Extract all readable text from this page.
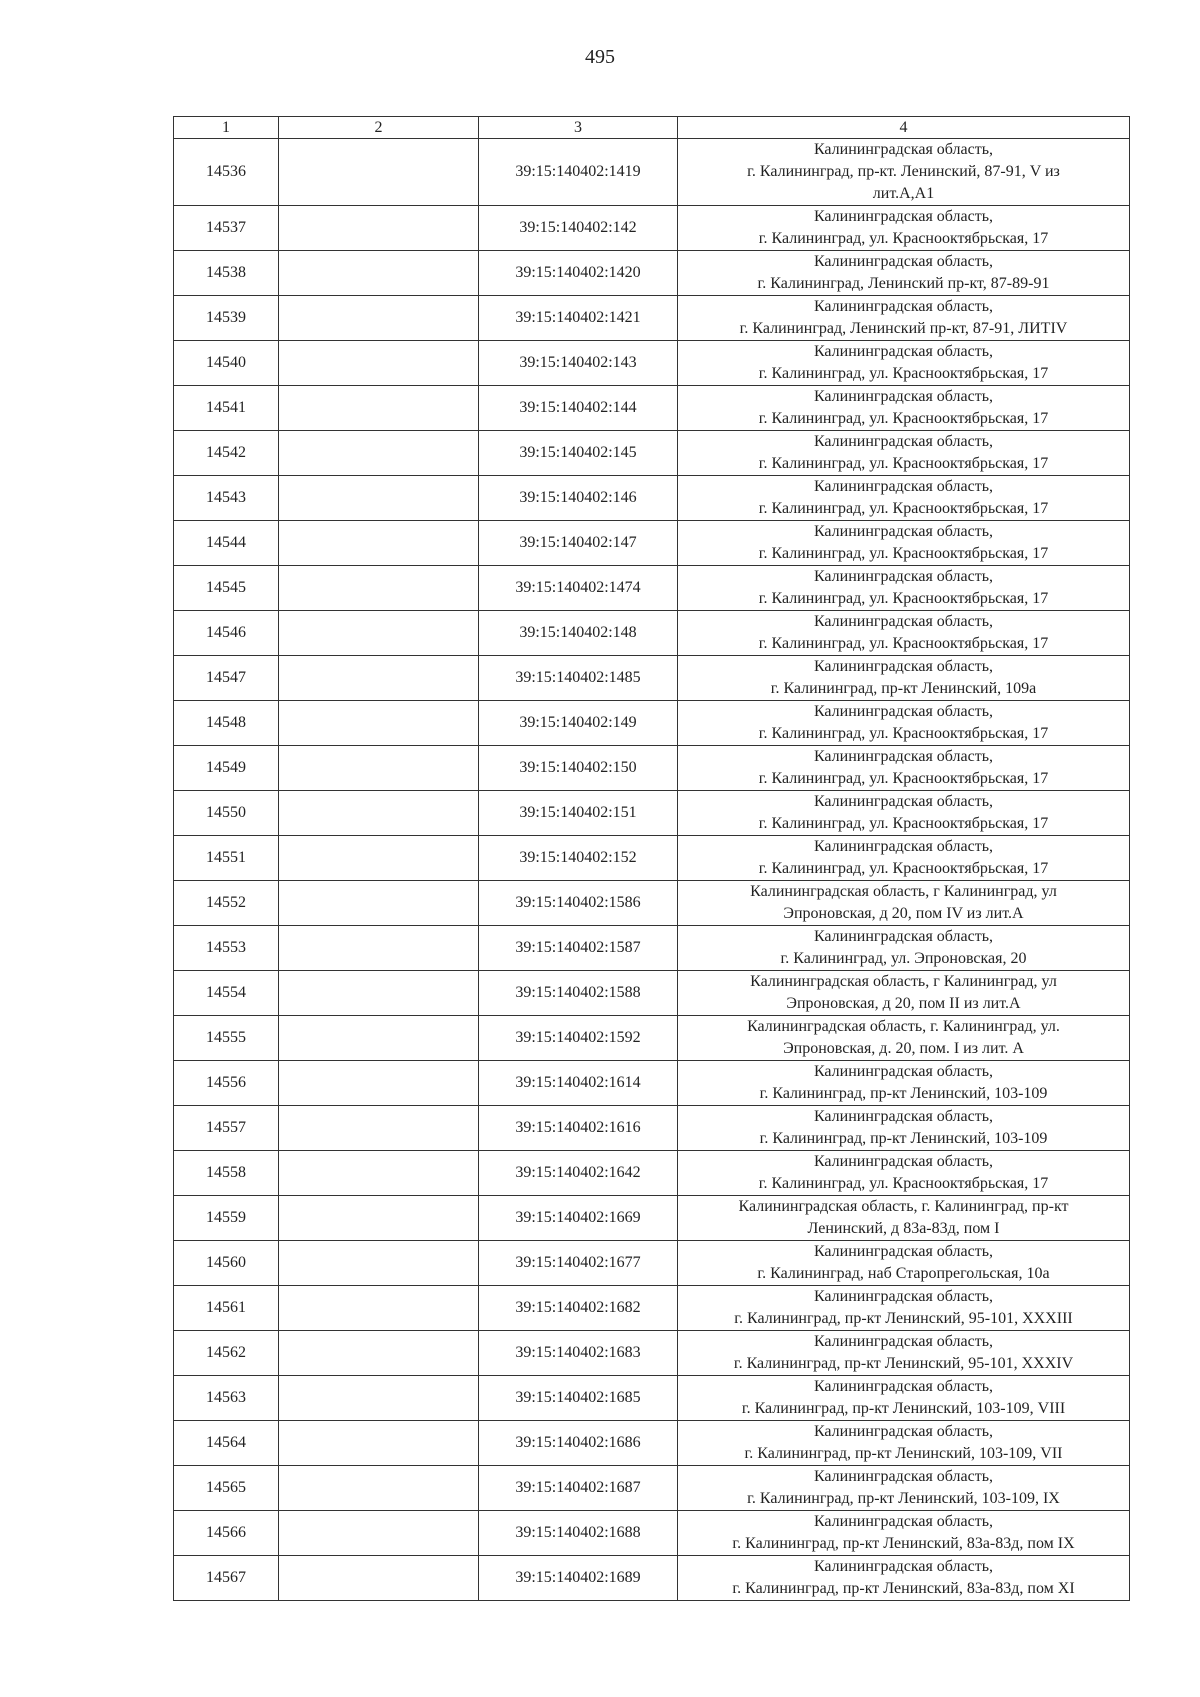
495
1	2	3	4
14536		39:15:140402:1419	Калининградская область,
г. Калининград, пр-кт. Ленинский, 87-91, V из
лит.А,А1
14537		39:15:140402:142	Калининградская область,
г. Калининград, ул. Краснооктябрьская, 17
14538		39:15:140402:1420	Калининградская область,
г. Калининград, Ленинский пр-кт, 87-89-91
14539		39:15:140402:1421	Калининградская область,
г. Калининград, Ленинский пр-кт, 87-91, ЛИТIV
14540		39:15:140402:143	Калининградская область,
г. Калининград, ул. Краснооктябрьская, 17
14541		39:15:140402:144	Калининградская область,
г. Калининград, ул. Краснооктябрьская, 17
14542		39:15:140402:145	Калининградская область,
г. Калининград, ул. Краснооктябрьская, 17
14543		39:15:140402:146	Калининградская область,
г. Калининград, ул. Краснооктябрьская, 17
14544		39:15:140402:147	Калининградская область,
г. Калининград, ул. Краснооктябрьская, 17
14545		39:15:140402:1474	Калининградская область,
г. Калининград, ул. Краснооктябрьская, 17
14546		39:15:140402:148	Калининградская область,
г. Калининград, ул. Краснооктябрьская, 17
14547		39:15:140402:1485	Калининградская область,
г. Калининград, пр-кт Ленинский, 109а
14548		39:15:140402:149	Калининградская область,
г. Калининград, ул. Краснооктябрьская, 17
14549		39:15:140402:150	Калининградская область,
г. Калининград, ул. Краснооктябрьская, 17
14550		39:15:140402:151	Калининградская область,
г. Калининград, ул. Краснооктябрьская, 17
14551		39:15:140402:152	Калининградская область,
г. Калининград, ул. Краснооктябрьская, 17
14552		39:15:140402:1586	Калининградская область, г Калининград, ул
Эпроновская, д 20, пом IV из лит.А
14553		39:15:140402:1587	Калининградская область,
г. Калининград, ул. Эпроновская, 20
14554		39:15:140402:1588	Калининградская область, г Калининград, ул
Эпроновская, д 20, пом II из лит.А
14555		39:15:140402:1592	Калининградская область, г. Калининград, ул.
Эпроновская, д. 20, пом. I из лит. А
14556		39:15:140402:1614	Калининградская область,
г. Калининград, пр-кт Ленинский, 103-109
14557		39:15:140402:1616	Калининградская область,
г. Калининград, пр-кт Ленинский, 103-109
14558		39:15:140402:1642	Калининградская область,
г. Калининград, ул. Краснооктябрьская, 17
14559		39:15:140402:1669	Калининградская область, г. Калининград, пр-кт
Ленинский, д 83а-83д, пом I
14560		39:15:140402:1677	Калининградская область,
г. Калининград, наб Старопрегольская, 10а
14561		39:15:140402:1682	Калининградская область,
г. Калининград, пр-кт Ленинский, 95-101, XXXIII
14562		39:15:140402:1683	Калининградская область,
г. Калининград, пр-кт Ленинский, 95-101, XXXIV
14563		39:15:140402:1685	Калининградская область,
г. Калининград, пр-кт Ленинский, 103-109, VIII
14564		39:15:140402:1686	Калининградская область,
г. Калининград, пр-кт Ленинский, 103-109, VII
14565		39:15:140402:1687	Калининградская область,
г. Калининград, пр-кт Ленинский, 103-109, IX
14566		39:15:140402:1688	Калининградская область,
г. Калининград, пр-кт Ленинский, 83а-83д, пом IX
14567		39:15:140402:1689	Калининградская область,
г. Калининград, пр-кт Ленинский, 83а-83д, пом XI
